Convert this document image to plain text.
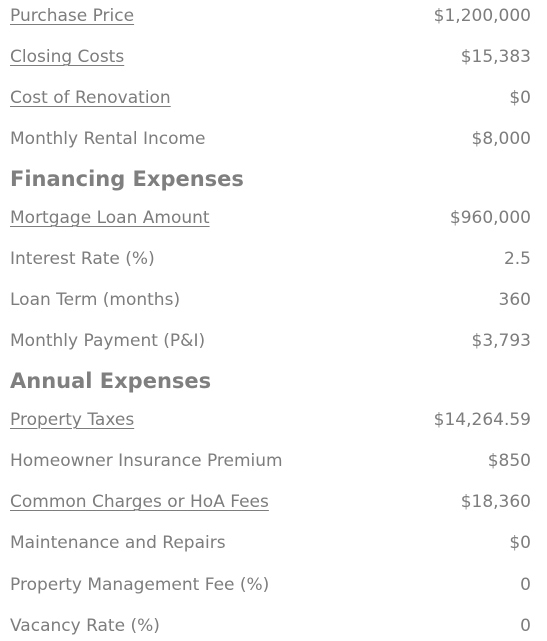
Purchase Price	$1,200,000
Closing Costs	$15,383
Cost of Renovation	$0
Monthly Rental Income	$8,000
Financing Expenses
Mortgage Loan Amount	$960,000
Interest Rate (%)	2.5
Loan Term (months)	360
Monthly Payment (P&I)	$3,793
Annual Expenses
Property Taxes	$14,264.59
Homeowner Insurance Premium	$850
Common Charges or HoA Fees	$18,360
Maintenance and Repairs	$0
Property Management Fee (%)	0
Vacancy Rate (%)	0
